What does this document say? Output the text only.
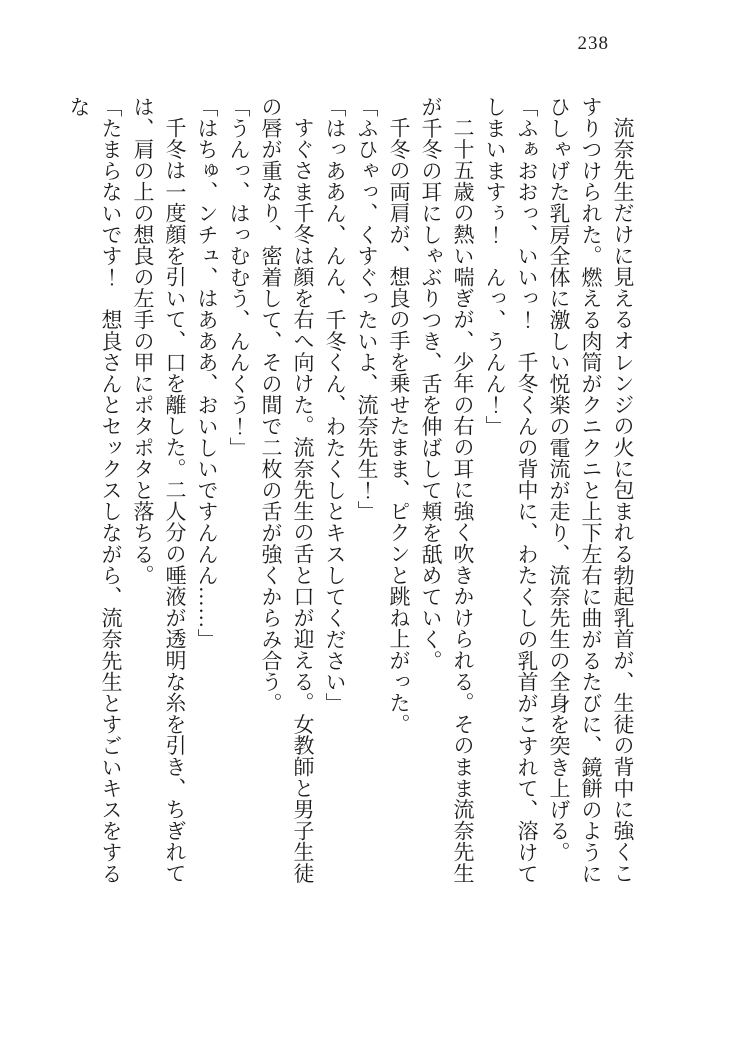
238

流奈先生だけに見えるオレンジの火に包まれる勃起乳首が、生徒の背中に強くこすりつけられた。燃える肉筒がクニクニと上下左右に曲がるたびに、鏡餅のようにひしゃげた乳房全体に激しい悦楽の電流が走り、流奈先生の全身を突き上げる。

「ふぁおおっ、いいっ！　千冬くんの背中に、わたくしの乳首がこすれて、溶けてしまいますぅ！　んっ、うんん！」

二十五歳の熱い喘ぎが、少年の右の耳に強く吹きかけられる。そのまま流奈先生が千冬の耳にしゃぶりつき、舌を伸ばして頬を舐めていく。

千冬の両肩が、想良の手を乗せたまま、ピクンと跳ね上がった。

「ふひゃっ、くすぐったいよ、流奈先生！」

「はっああん、んん、千冬くん、わたくしとキスしてください」

すぐさま千冬は顔を右へ向けた。流奈先生の舌と口が迎える。女教師と男子生徒の唇が重なり、密着して、その間で二枚の舌が強くからみ合う。

「うんっ、はっむむう、んんくう！」

「はちゅ、ンチュ、はあああ、おいしいですんんん……」

千冬は一度顔を引いて、口を離した。二人分の唾液が透明な糸を引き、ちぎれては、肩の上の想良の左手の甲にポタポタと落ちる。

「たまらないです！　想良さんとセックスしながら、流奈先生とすごいキスをするな
